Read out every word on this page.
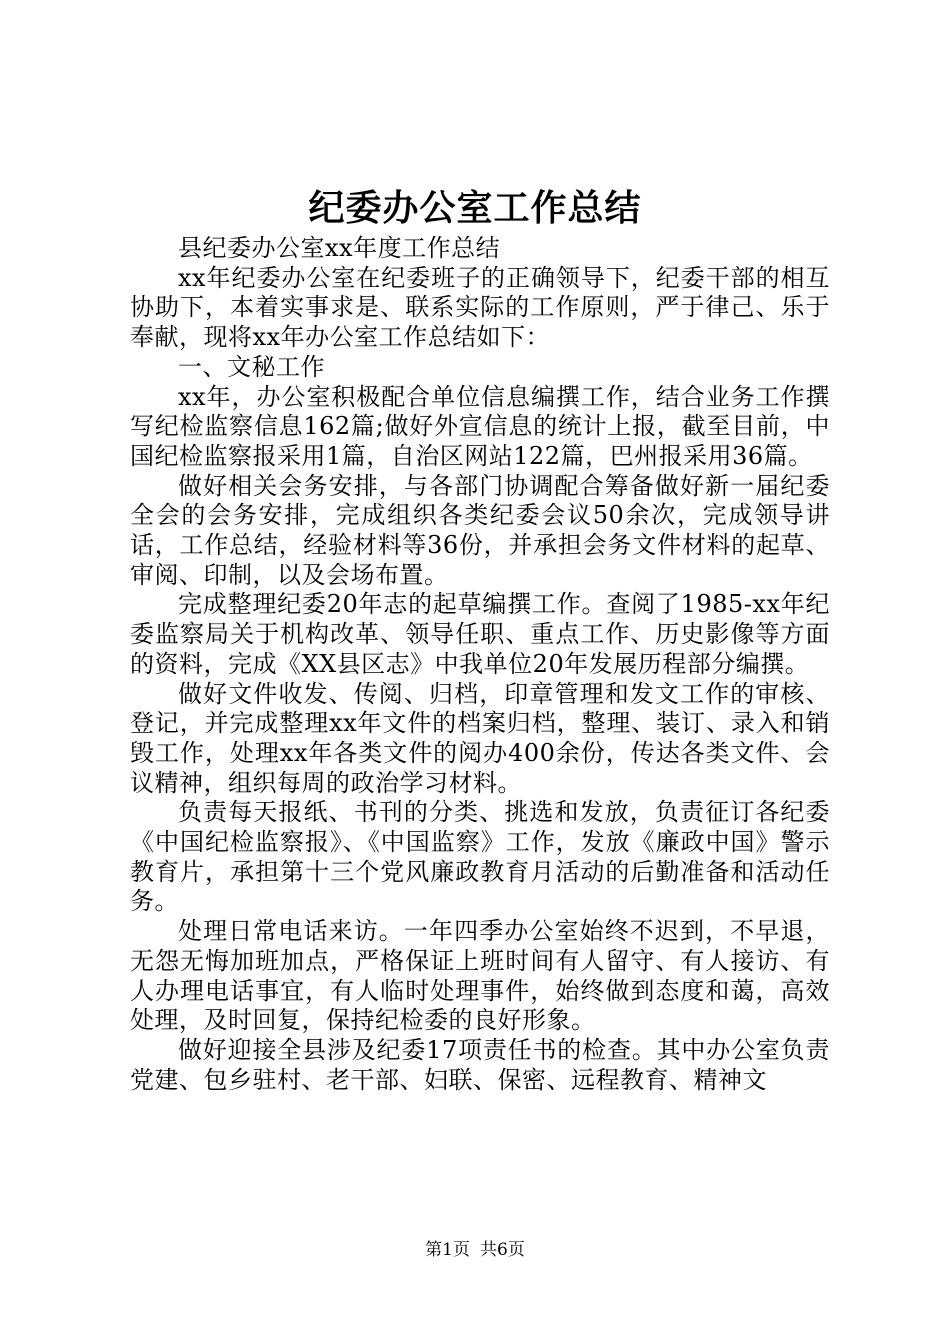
纪委办公室工作总结

县纪委办公室xx年度工作总结

xx年纪委办公室在纪委班子的正确领导下，纪委干部的相互协助下，本着实事求是、联系实际的工作原则，严于律己、乐于奉献，现将xx年办公室工作总结如下：

一、文秘工作

xx年，办公室积极配合单位信息编撰工作，结合业务工作撰写纪检监察信息162篇;做好外宣信息的统计上报，截至目前，中国纪检监察报采用1篇，自治区网站122篇，巴州报采用36篇。

做好相关会务安排，与各部门协调配合筹备做好新一届纪委全会的会务安排，完成组织各类纪委会议50余次，完成领导讲话，工作总结，经验材料等36份，并承担会务文件材料的起草、审阅、印制，以及会场布置。

完成整理纪委20年志的起草编撰工作。查阅了1985-xx年纪委监察局关于机构改革、领导任职、重点工作、历史影像等方面的资料，完成《XX县区志》中我单位20年发展历程部分编撰。

做好文件收发、传阅、归档，印章管理和发文工作的审核、登记，并完成整理xx年文件的档案归档，整理、装订、录入和销毁工作，处理xx年各类文件的阅办400余份，传达各类文件、会议精神，组织每周的政治学习材料。

负责每天报纸、书刊的分类、挑选和发放，负责征订各纪委《中国纪检监察报》、《中国监察》工作，发放《廉政中国》警示教育片，承担第十三个党风廉政教育月活动的后勤准备和活动任务。

处理日常电话来访。一年四季办公室始终不迟到，不早退，无怨无悔加班加点，严格保证上班时间有人留守、有人接访、有人办理电话事宜，有人临时处理事件，始终做到态度和蔼，高效处理，及时回复，保持纪检委的良好形象。

做好迎接全县涉及纪委17项责任书的检查。其中办公室负责党建、包乡驻村、老干部、妇联、保密、远程教育、精神文

第1页 共6页
